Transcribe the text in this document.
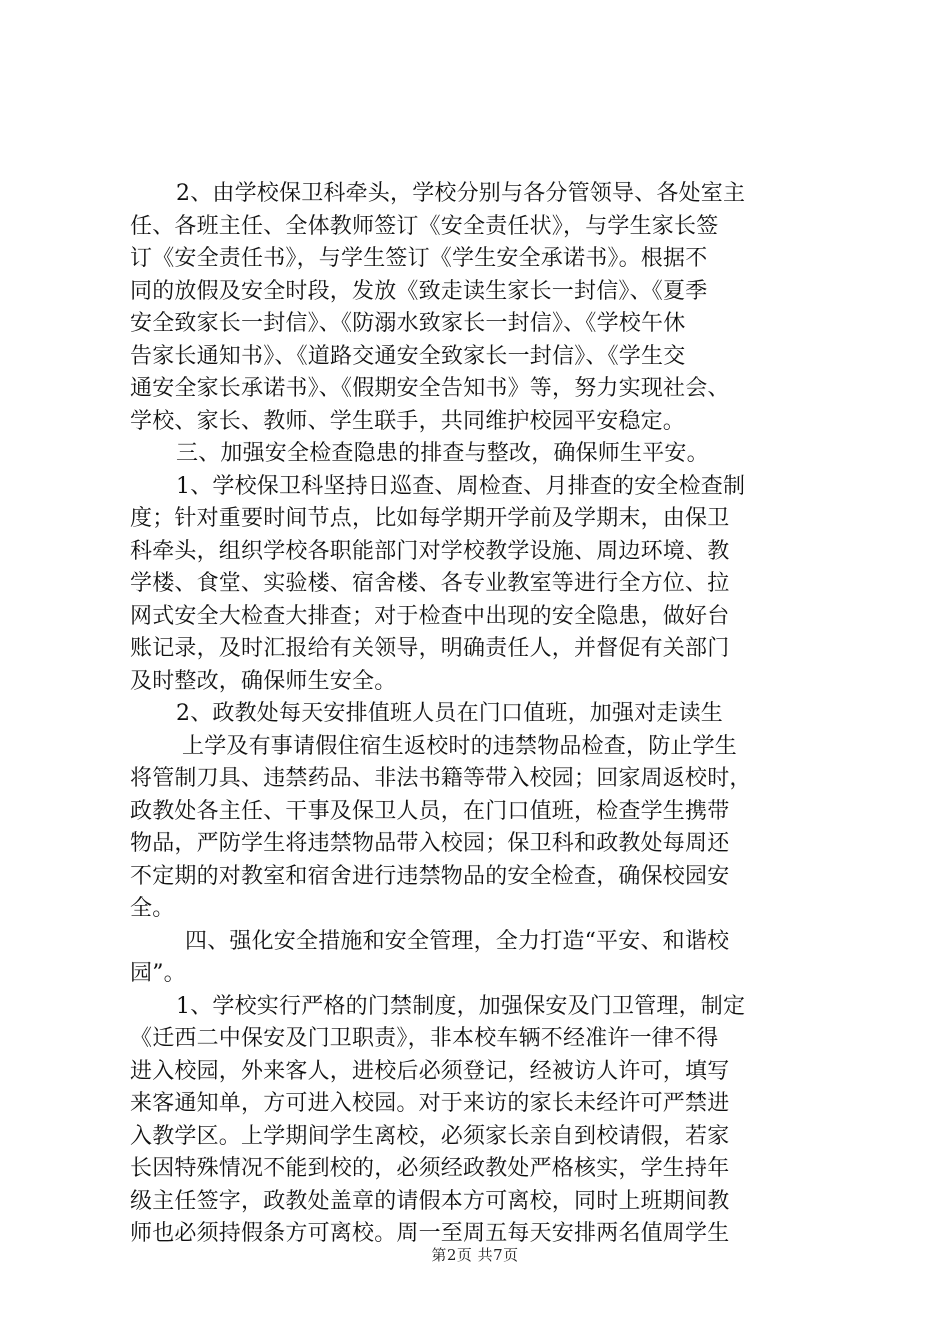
2、由学校保卫科牵头，学校分别与各分管领导、各处室主
任、各班主任、全体教师签订《安全责任状》，与学生家长签
订《安全责任书》，与学生签订《学生安全承诺书》。根据不
同的放假及安全时段，发放《致走读生家长一封信》、《夏季
安全致家长一封信》、《防溺水致家长一封信》、《学校午休
告家长通知书》、《道路交通安全致家长一封信》、《学生交
通安全家长承诺书》、《假期安全告知书》等，努力实现社会、
学校、家长、教师、学生联手，共同维护校园平安稳定。
三、加强安全检查隐患的排查与整改，确保师生平安。
1、学校保卫科坚持日巡查、周检查、月排查的安全检查制
度；针对重要时间节点，比如每学期开学前及学期末，由保卫
科牵头，组织学校各职能部门对学校教学设施、周边环境、教
学楼、食堂、实验楼、宿舍楼、各专业教室等进行全方位、拉
网式安全大检查大排查；对于检查中出现的安全隐患，做好台
账记录，及时汇报给有关领导，明确责任人，并督促有关部门
及时整改，确保师生安全。
2、政教处每天安排值班人员在门口值班，加强对走读生
上学及有事请假住宿生返校时的违禁物品检查，防止学生
将管制刀具、违禁药品、非法书籍等带入校园；回家周返校时，
政教处各主任、干事及保卫人员，在门口值班，检查学生携带
物品，严防学生将违禁物品带入校园；保卫科和政教处每周还
不定期的对教室和宿舍进行违禁物品的安全检查，确保校园安
全。
四、强化安全措施和安全管理，全力打造“平安、和谐校
园”。
1、学校实行严格的门禁制度，加强保安及门卫管理，制定
《迁西二中保安及门卫职责》，非本校车辆不经准许一律不得
进入校园，外来客人，进校后必须登记，经被访人许可，填写
来客通知单，方可进入校园。对于来访的家长未经许可严禁进
入教学区。上学期间学生离校，必须家长亲自到校请假，若家
长因特殊情况不能到校的，必须经政教处严格核实，学生持年
级主任签字，政教处盖章的请假本方可离校，同时上班期间教
师也必须持假条方可离校。周一至周五每天安排两名值周学生
第2页 共7页
